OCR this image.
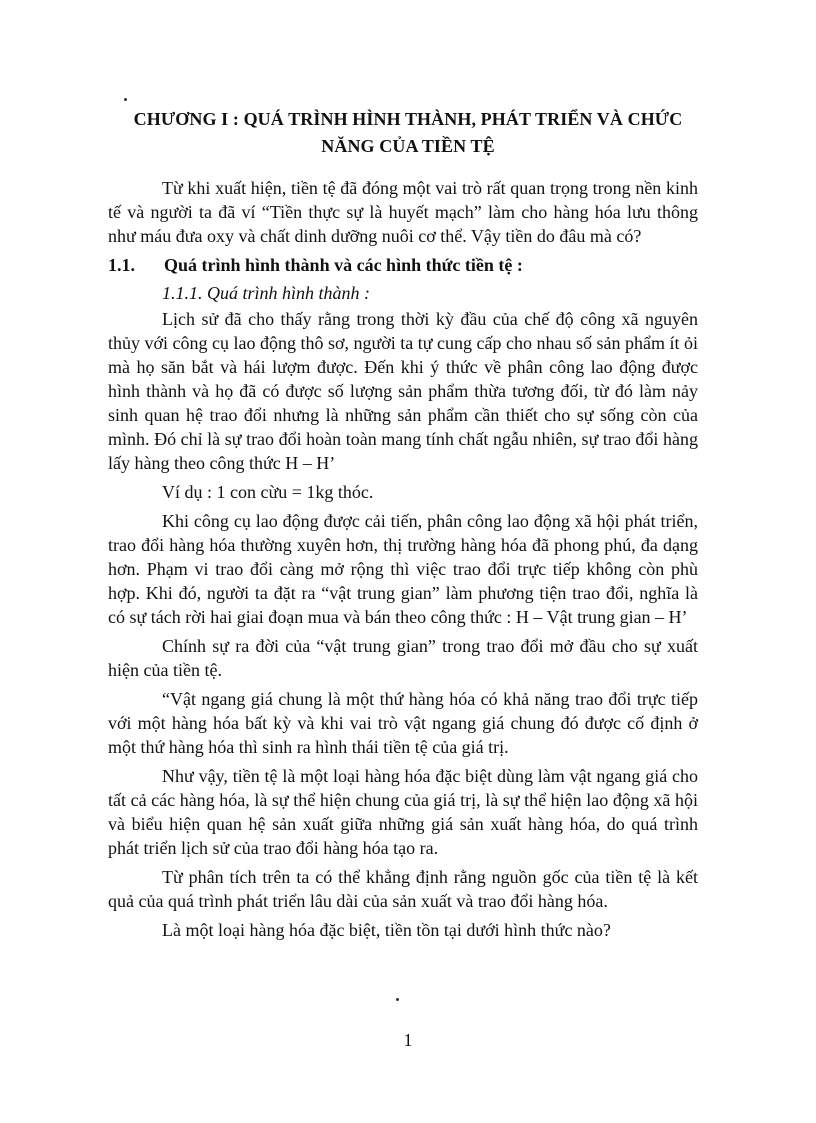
CHƯƠNG I : QUÁ TRÌNH HÌNH THÀNH, PHÁT TRIỂN VÀ CHỨC
NĂNG CỦA TIỀN TỆ

Từ khi xuất hiện, tiền tệ đã đóng một vai trò rất quan trọng trong nền kinh tế và người ta đã ví “Tiền thực sự là huyết mạch” làm cho hàng hóa lưu thông như máu đưa oxy và chất dinh dưỡng nuôi cơ thể. Vậy tiền do đâu mà có?

1.1. Quá trình hình thành và các hình thức tiền tệ :
1.1.1. Quá trình hình thành :

Lịch sử đã cho thấy rằng trong thời kỳ đầu của chế độ công xã nguyên thủy với công cụ lao động thô sơ, người ta tự cung cấp cho nhau số sản phẩm ít ỏi mà họ săn bắt và hái lượm được. Đến khi ý thức về phân công lao động được hình thành và họ đã có được số lượng sản phẩm thừa tương đối, từ đó làm nảy sinh quan hệ trao đổi nhưng là những sản phẩm cần thiết cho sự sống còn của mình. Đó chỉ là sự trao đổi hoàn toàn mang tính chất ngẫu nhiên, sự trao đổi hàng lấy hàng theo công thức H – H’

Ví dụ : 1 con cừu = 1kg thóc.

Khi công cụ lao động được cải tiến, phân công lao động xã hội phát triển, trao đổi hàng hóa thường xuyên hơn, thị trường hàng hóa đã phong phú, đa dạng hơn. Phạm vi trao đổi càng mở rộng thì việc trao đổi trực tiếp không còn phù hợp. Khi đó, người ta đặt ra “vật trung gian” làm phương tiện trao đổi, nghĩa là có sự tách rời hai giai đoạn mua và bán theo công thức : H – Vật trung gian – H’

Chính sự ra đời của “vật trung gian” trong trao đổi mở đầu cho sự xuất hiện của tiền tệ.

“Vật ngang giá chung là một thứ hàng hóa có khả năng trao đổi trực tiếp với một hàng hóa bất kỳ và khi vai trò vật ngang giá chung đó được cố định ở một thứ hàng hóa thì sinh ra hình thái tiền tệ của giá trị.

Như vậy, tiền tệ là một loại hàng hóa đặc biệt dùng làm vật ngang giá cho tất cả các hàng hóa, là sự thể hiện chung của giá trị, là sự thể hiện lao động xã hội và biểu hiện quan hệ sản xuất giữa những giá sản xuất hàng hóa, do quá trình phát triển lịch sử của trao đổi hàng hóa tạo ra.

Từ phân tích trên ta có thể khẳng định rằng nguồn gốc của tiền tệ là kết quả của quá trình phát triển lâu dài của sản xuất và trao đổi hàng hóa.

Là một loại hàng hóa đặc biệt, tiền tồn tại dưới hình thức nào?

1
